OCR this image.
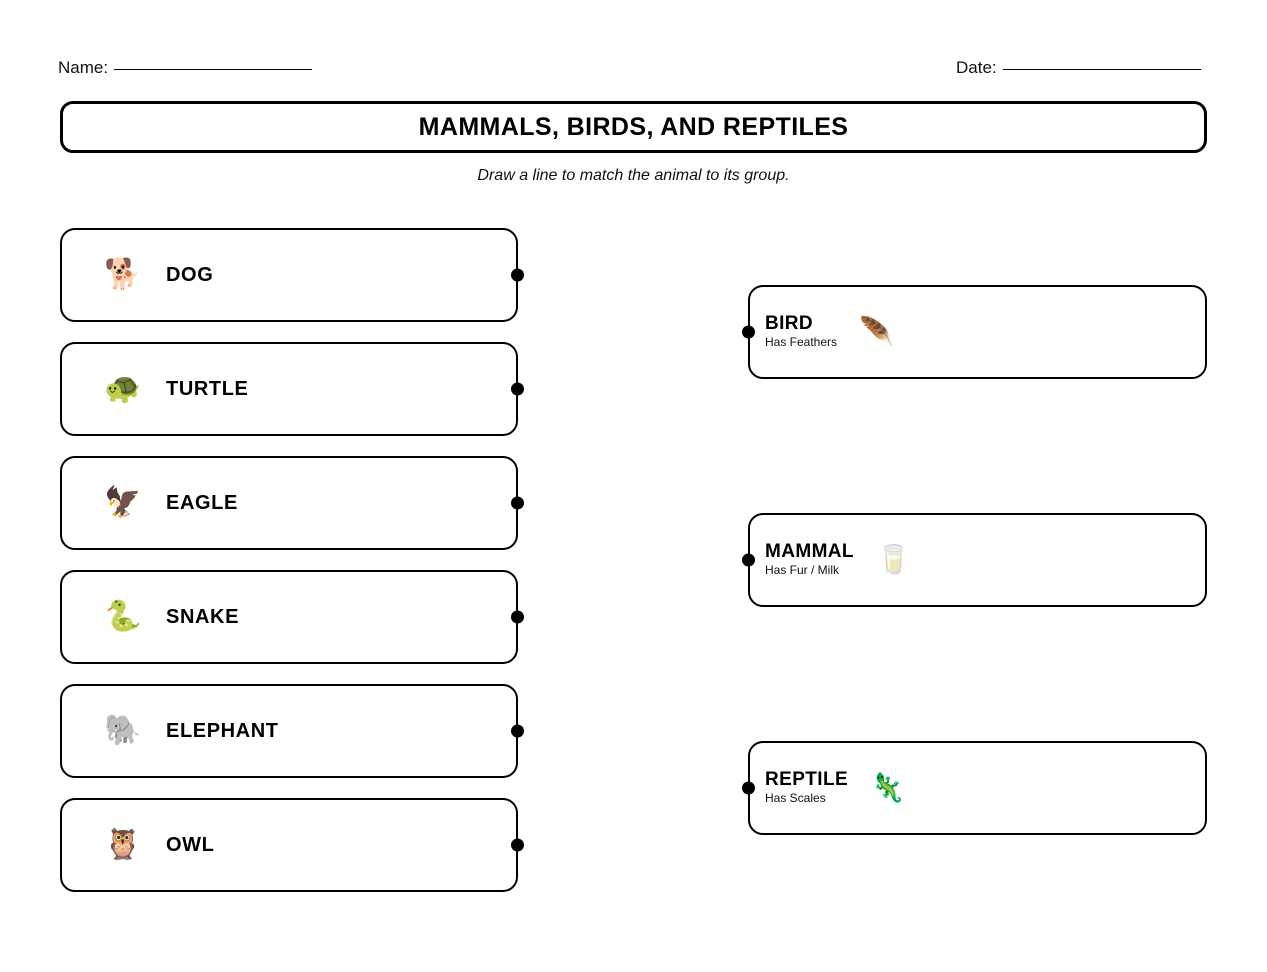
Name:	Date:
MAMMALS, BIRDS, AND REPTILES
Draw a line to match the animal to its group.
🐕 DOG
🐢 TURTLE
🦅 EAGLE
🐍 SNAKE
🐘 ELEPHANT
🦉 OWL
BIRD
Has Feathers 🪶
MAMMAL
Has Fur / Milk	🥛
REPTILE
Has Scales	🦎
